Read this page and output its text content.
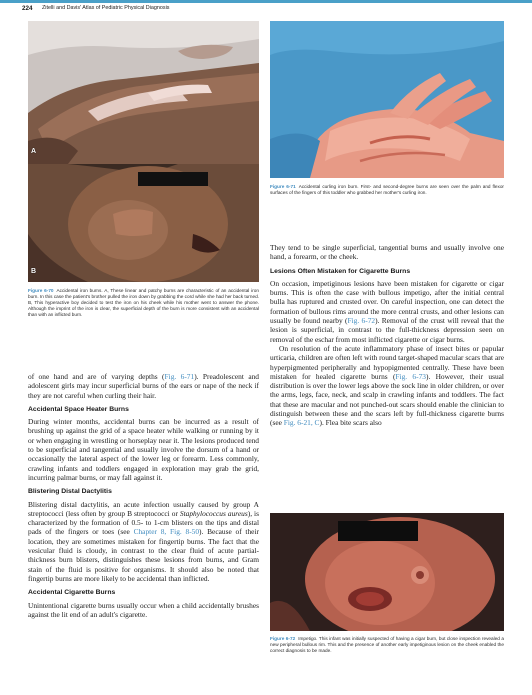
224 Zitelli and Davis' Atlas of Pediatric Physical Diagnosis
A
B
Figure 6-70 Accidental iron burns. A, These linear and patchy burns are characteristic of an accidental iron burn. In this case the patient's brother pulled the iron down by grabbing the cord while she had her back turned. B, This hyperactive boy decided to test the iron on his cheek while his mother went to answer the phone. Although the imprint of the iron is clear, the superficial depth of the burn is more consistent with an accidental than with an inflicted burn.
Figure 6-71 Accidental curling iron burn. First- and second-degree burns are seen over the palm and flexor surfaces of the fingers of this toddler who grabbed her mother's curling iron.

They tend to be single superficial, tangential burns and usually involve one hand, a forearm, or the cheek.

Lesions Often Mistaken for Cigarette Burns

On occasion, impetiginous lesions have been mistaken for cigarette or cigar burns. This is often the case with bullous impetigo, after the initial central bulla has ruptured and crusted over. On careful inspection, one can detect the formation of bullous rims around the more central crusts, and other lesions can usually be found nearby (Fig. 6-72). Removal of the crust will reveal that the lesion is superficial, in contrast to the full-thickness depression seen on removal of the eschar from most inflicted cigarette or cigar burns.

On resolution of the acute inflammatory phase of insect bites or papular urticaria, children are often left with round target-shaped macular scars that are hyperpigmented peripherally and hypopigmented centrally. These have been mistaken for healed cigarette burns (Fig. 6-73). However, their usual distribution is over the lower legs above the sock line in older children, or over the arms, legs, face, neck, and scalp in crawling infants and toddlers. The fact that these are macular and not punched-out scars should enable the clinician to distinguish between these and the scars left by full-thickness cigarette burns (see Fig. 6-21, C). Flea bite scars also

of one hand and are of varying depths (Fig. 6-71). Preadolescent and adolescent girls may incur superficial burns of the ears or nape of the neck if they are not careful when curling their hair.

Accidental Space Heater Burns

During winter months, accidental burns can be incurred as a result of brushing up against the grid of a space heater while walking or running by it or when engaging in wrestling or horseplay near it. The lesions produced tend to be superficial and tangential and usually involve the dorsum of a hand or occasionally the lateral aspect of the lower leg or forearm. Less commonly, crawling infants and toddlers engaged in exploration may grab the grid, incurring palmar burns, or may fall against it.

Blistering Distal Dactylitis

Blistering distal dactylitis, an acute infection usually caused by group A streptococci (less often by group B streptococci or Staphylococcus aureus), is characterized by the formation of 0.5- to 1-cm blisters on the tips and distal pads of the fingers or toes (see Chapter 8, Fig. 8-50). Because of their location, they are sometimes mistaken for fingertip burns. The fact that the vesicular fluid is cloudy, in contrast to the clear fluid of acute partial-thickness burn blisters, distinguishes these lesions from burns, and Gram stain of the fluid is positive for organisms. It should also be noted that fingertip burns are more likely to be accidental than inflicted.

Accidental Cigarette Burns

Unintentional cigarette burns usually occur when a child accidentally brushes against the lit end of an adult's cigarette.

Figure 6-72 Impetigo. This infant was initially suspected of having a cigar burn, but close inspection revealed a new peripheral bullous rim. This and the presence of another early impetiginous lesion on the cheek enabled the correct diagnosis to be made.
